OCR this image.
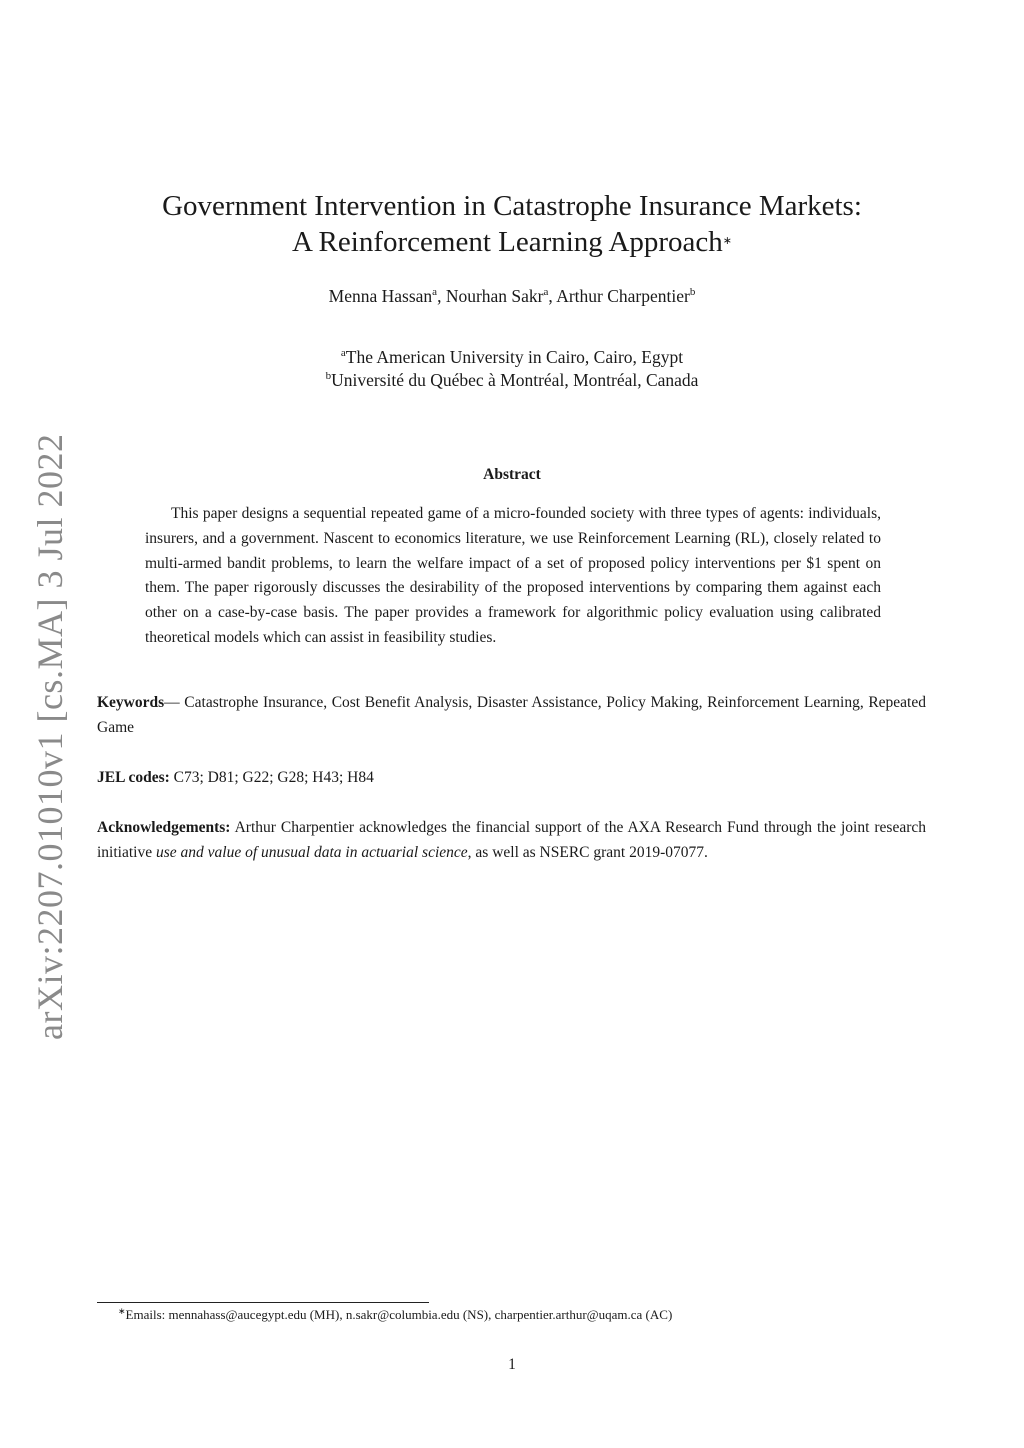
arXiv:2207.01010v1 [cs.MA] 3 Jul 2022
Government Intervention in Catastrophe Insurance Markets:
A Reinforcement Learning Approach∗
Menna Hassan$^a$, Nourhan Sakr$^a$, Arthur Charpentier$^b$
$^a$The American University in Cairo, Cairo, Egypt
$^b$Université du Québec à Montréal, Montréal, Canada
Abstract

This paper designs a sequential repeated game of a micro-founded society with three types of agents: individuals, insurers, and a government. Nascent to economics literature, we use Reinforcement Learning (RL), closely related to multi-armed bandit problems, to learn the welfare impact of a set of proposed policy interventions per $1 spent on them. The paper rigorously discusses the desirability of the proposed interventions by comparing them against each other on a case-by-case basis. The paper provides a framework for algorithmic policy evaluation using calibrated theoretical models which can assist in feasibility studies.

Keywords— Catastrophe Insurance, Cost Benefit Analysis, Disaster Assistance, Policy Making, Reinforcement Learning, Repeated Game

JEL codes: C73; D81; G22; G28; H43; H84

Acknowledgements: Arthur Charpentier acknowledges the financial support of the AXA Research Fund through the joint research initiative use and value of unusual data in actuarial science, as well as NSERC grant 2019-07077.

∗Emails: mennahass@aucegypt.edu (MH), n.sakr@columbia.edu (NS), charpentier.arthur@uqam.ca (AC)

1
